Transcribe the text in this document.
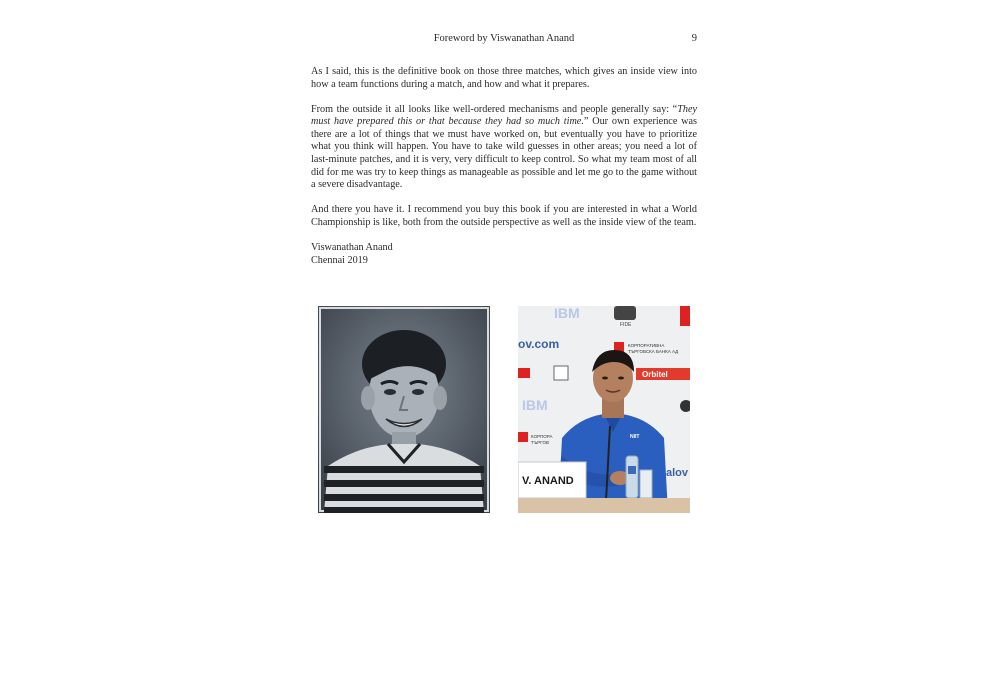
Foreword by Viswanathan Anand	9

As I said, this is the definitive book on those three matches, which gives an inside view into how a team functions during a match, and how and what it prepares.

From the outside it all looks like well-ordered mechanisms and people generally say: “They must have prepared this or that because they had so much time.” Our own experience was there are a lot of things that we must have worked on, but eventually you have to prioritize what you think will happen. You have to take wild guesses in other areas; you need a lot of last-minute patches, and it is very, very difficult to keep control. So what my team most of all did for me was try to keep things as manageable as possible and let me go to the game without a severe disadvantage.

And there you have it. I recommend you buy this book if you are interested in what a World Championship is like, both from the outside perspective as well as the inside view of the team.

Viswanathan Anand
Chennai 2019
IBM
FIDE
ov.com	КОРПОРАТИВНА
ТЪРГОВСКА БАНКА АД
Orbitel
IBM
КОРПОРА
ТЪРГОВ
alov
NIIT
V. ANAND
